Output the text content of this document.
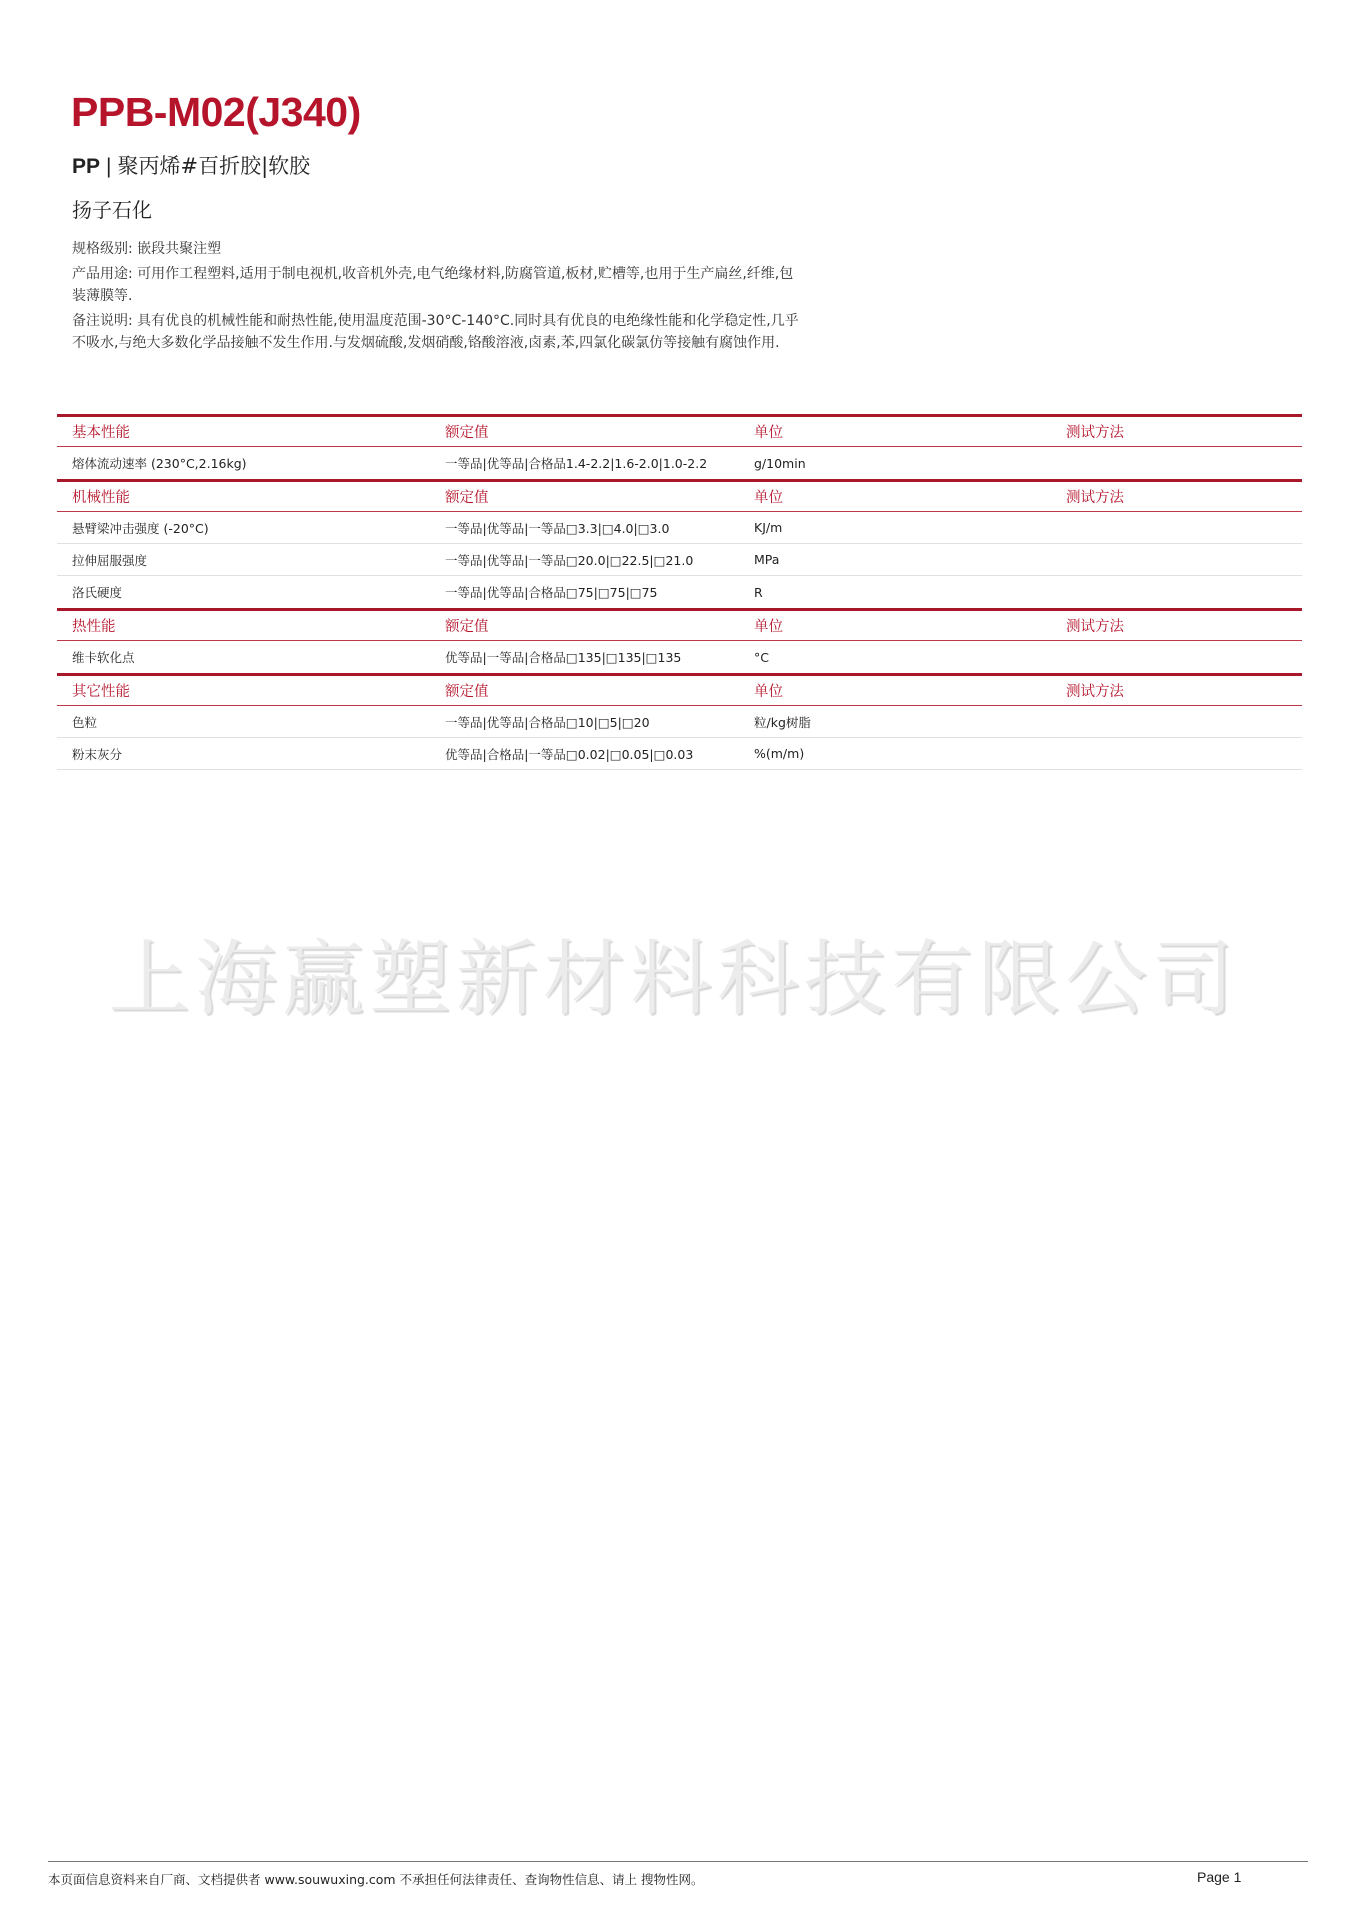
PPB-M02(J340)
PP | 聚丙烯#百折胶|软胶
扬子石化

规格级别: 嵌段共聚注塑

产品用途: 可用作工程塑料,适用于制电视机,收音机外壳,电气绝缘材料,防腐管道,板材,贮槽等,也用于生产扁丝,纤维,包装薄膜等.

备注说明: 具有优良的机械性能和耐热性能,使用温度范围-30°C-140°C.同时具有优良的电绝缘性能和化学稳定性,几乎不吸水,与绝大多数化学品接触不发生作用.与发烟硫酸,发烟硝酸,铬酸溶液,卤素,苯,四氯化碳氯仿等接触有腐蚀作用.

基本性能	额定值	单位	测试方法
熔体流动速率 (230°C,2.16kg)	一等品|优等品|合格品1.4-2.2|1.6-2.0|1.0-2.2	g/10min
机械性能	额定值	单位	测试方法
悬臂梁冲击强度 (-20°C)	一等品|优等品|一等品□3.3|□4.0|□3.0	KJ/m
拉伸屈服强度	一等品|优等品|一等品□20.0|□22.5|□21.0	MPa
洛氏硬度	一等品|优等品|合格品□75|□75|□75	R
热性能	额定值	单位	测试方法
维卡软化点	优等品|一等品|合格品□135|□135|□135	°C
其它性能	额定值	单位	测试方法
色粒	一等品|优等品|合格品□10|□5|□20	粒/kg树脂
粉末灰分	优等品|合格品|一等品□0.02|□0.05|□0.03	%(m/m)
上海赢塑新材料科技有限公司
本页面信息资料来自厂商、文档提供者 www.souwuxing.com 不承担任何法律责任、查询物性信息、请上 搜物性网。	Page 1
